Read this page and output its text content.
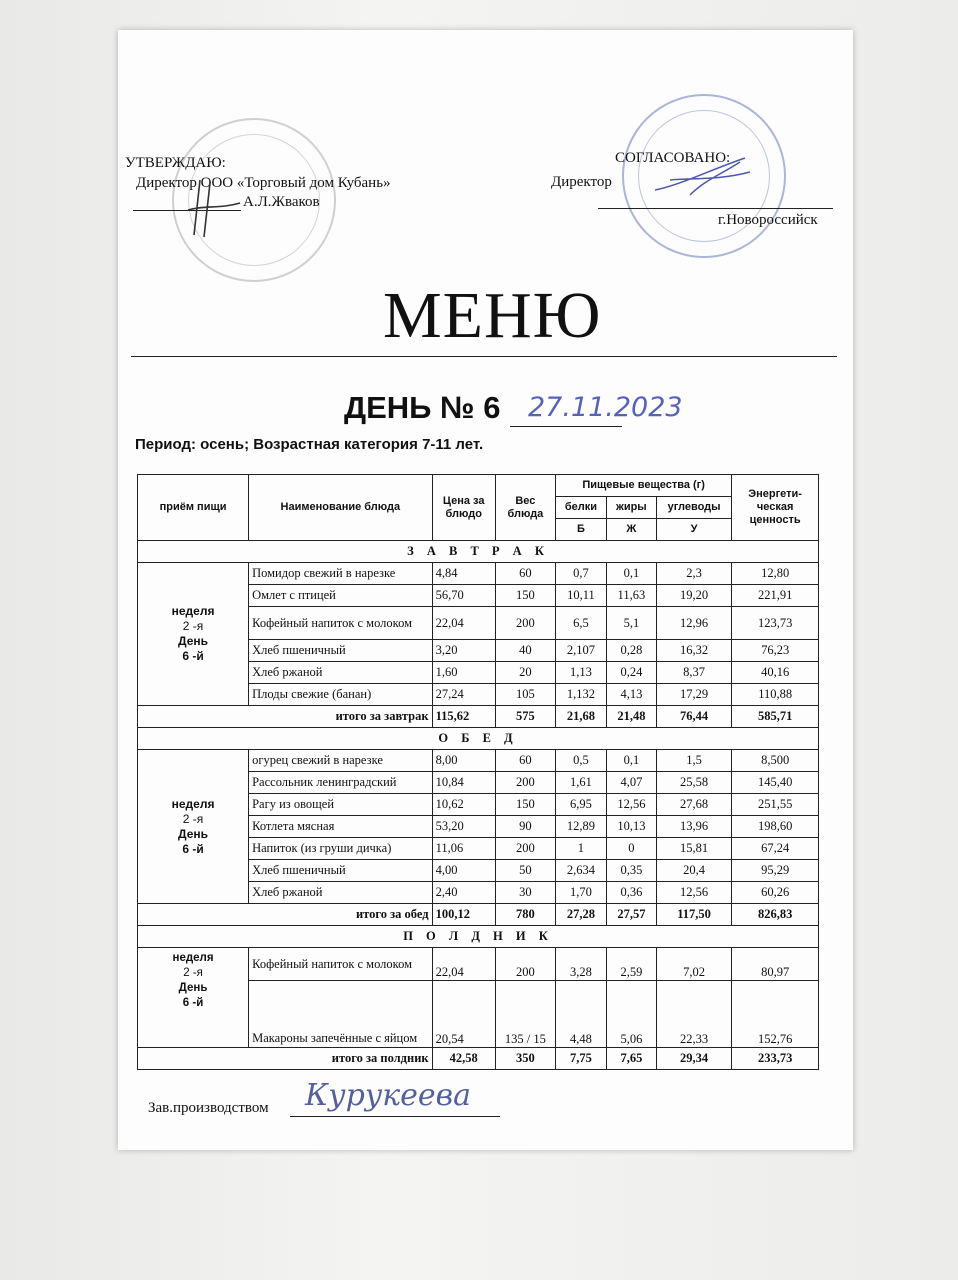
УТВЕРЖДАЮ:
Директор ООО «Торговый дом Кубань»
А.Л.Жваков
СОГЛАСОВАНО:
Директор
г.Новороссийск
МЕНЮ
ДЕНЬ № 6 27.11.2023
Период: осень; Возрастная категория 7-11 лет.
приём пищи	Наименование блюда	Цена за блюдо	Вес блюда	Пищевые вещества (г)			Энергети-ческая ценность
				белки	жиры	углеводы	
				Б	Ж	У	
З А В Т Р А К							

неделя
2 -я
День
6 -й	Помидор свежий в нарезке	4,84	60	0,7	0,1	2,3	12,80
	Омлет с птицей	56,70	150	10,11	11,63	19,20	221,91
	Кофейный напиток с молоком	22,04	200	6,5	5,1	12,96	123,73
	Хлеб пшеничный	3,20	40	2,107	0,28	16,32	76,23
	Хлеб ржаной	1,60	20	1,13	0,24	8,37	40,16
	Плоды свежие (банан)	27,24	105	1,132	4,13	17,29	110,88
итого за завтрак		115,62	575	21,68	21,48	76,44	585,71
О Б Е Д							

неделя
2 -я
День
6 -й	огурец свежий в нарезке	8,00	60	0,5	0,1	1,5	8,500
	Рассольник ленинградский	10,84	200	1,61	4,07	25,58	145,40
	Рагу из овощей	10,62	150	6,95	12,56	27,68	251,55
	Котлета мясная	53,20	90	12,89	10,13	13,96	198,60
	Напиток (из груши дичка)	11,06	200	1	0	15,81	67,24
	Хлеб пшеничный	4,00	50	2,634	0,35	20,4	95,29
	Хлеб ржаной	2,40	30	1,70	0,36	12,56	60,26
итого за обед		100,12	780	27,28	27,57	117,50	826,83
П О Л Д Н И К							

неделя
2 -я
День
6 -й	Кофейный напиток с молоком	22,04	200	3,28	2,59	7,02	80,97
	Макароны запечённые с яйцом	20,54	135 / 15	4,48	5,06	22,33	152,76
итого за полдник		42,58	350	7,75	7,65	29,34	233,73
Зав.производством Курукеева
